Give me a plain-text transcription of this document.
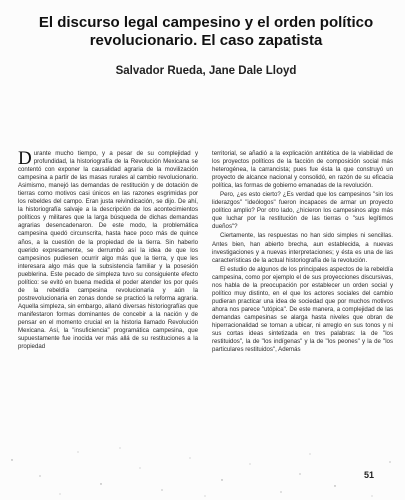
El discurso legal campesino y el orden político revolucionario. El caso zapatista
Salvador Rueda, Jane Dale Lloyd

Durante mucho tiempo, y a pesar de su complejidad y profundidad, la historiografía de la Revolución Mexicana se contentó con exponer la causalidad agraria de la movilización campesina a partir de las masas rurales al cambio revolucionario. Asimismo, manejó las demandas de restitución y de dotación de tierras como motivos casi únicos en las razones esgrimidas por los rebeldes del campo. Eran justa reivindicación, se dijo. De ahí, la historiografía salvaje a la descripción de los acontecimientos políticos y militares que la larga búsqueda de dichas demandas agrarias desencadenaron. De este modo, la problemática campesina quedó circunscrita, hasta hace poco más de quince años, a la cuestión de la propiedad de la tierra. Sin haberlo querido expresamente, se derrumbó así la idea de que los campesinos pudiesen ocurrir algo más que la tierra, y que les interesara algo más que la subsistencia familiar y la posesión pueblerina. Este pecado de simpleza tuvo su consiguiente efecto político: se evitó en buena medida el poder atender los por qués de la rebeldía campesina revolucionaria y aún la postrevolucionaria en zonas donde se practicó la reforma agraria. Aquella simpleza, sin embargo, allanó diversas historiografías que manifestaron formas dominantes de concebir a la nación y de pensar en el momento crucial en la historia llamado Revolución Mexicana. Así, la "insuficiencia" programática campesina, que supuestamente fue inocida ver más allá de su restituciones a la propiedad

territorial, se añadió a la explicación antitética de la viabilidad de los proyectos políticos de la facción de composición social más heterogénea, la carrancista; pues fue ésta la que construyó un proyecto de alcance nacional y consolidó, en razón de su eficacia política, las formas de gobierno emanadas de la revolución.

Pero, ¿es esto cierto? ¿Es verdad que los campesinos "sin los liderazgos" "ideólogos" fueron incapaces de armar un proyecto político amplio? Por otro lado, ¿hicieron los campesinos algo más que luchar por la restitución de las tierras o "sus legítimos dueños"?

Ciertamente, las respuestas no han sido simples ni sencillas. Antes bien, han abierto brecha, aun establecida, a nuevas investigaciones y a nuevas interpretaciones; y ésta es una de las características de la actual historiografía de la revolución.

El estudio de algunos de los principales aspectos de la rebeldía campesina, como por ejemplo el de sus proyecciones discursivas, nos habla de la preocupación por establecer un orden social y político muy distinto, en el que los actores sociales del cambio pudieran practicar una idea de sociedad que por muchos motivos ahora nos parece "utópica". De este manera, a complejidad de las demandas campesinas se alarga hasta niveles que obran de hiperracionalidad se tornan a ubicar, ni arreglo en sus tonos y ni sus cortas ideas sintetizada en tres palabras: la de "los restituidos", la de "los indígenas" y la de "los peones" y la de "los particulares restituidos", Además

51
